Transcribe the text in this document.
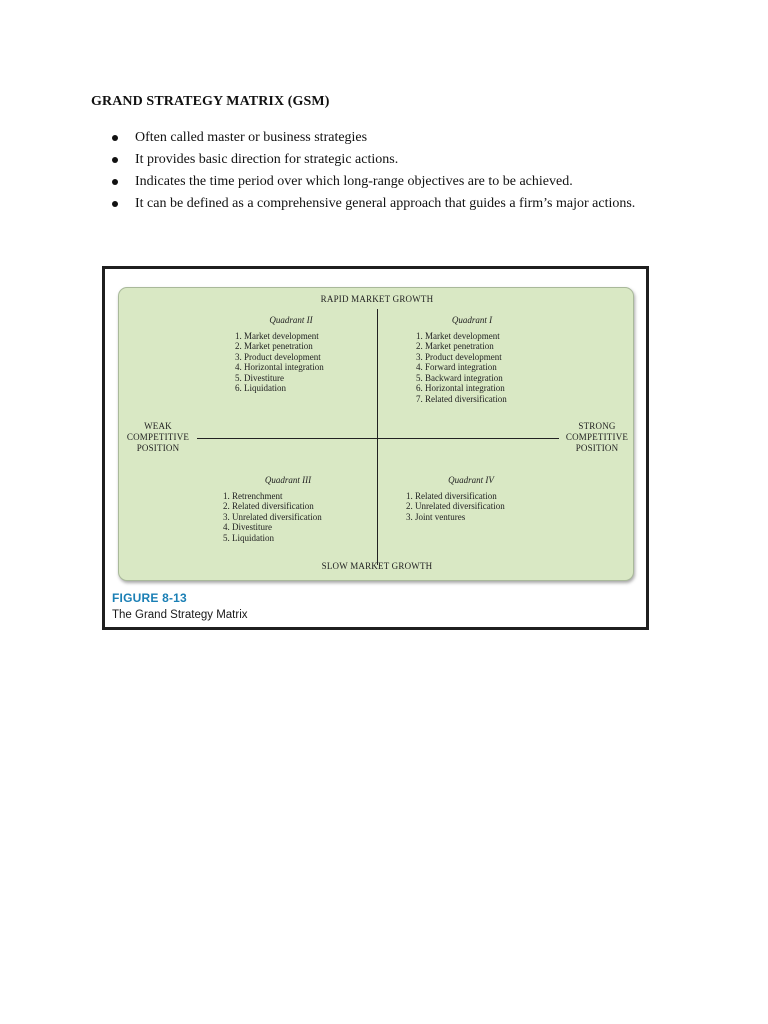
GRAND STRATEGY MATRIX (GSM)
Often called master or business strategies
It provides basic direction for strategic actions.
Indicates the time period over which long-range objectives are to be achieved.
It can be defined as a comprehensive general approach that guides a firm’s major actions.
RAPID MARKET GROWTH
SLOW MARKET GROWTH
WEAK
COMPETITIVE
POSITION
STRONG
COMPETITIVE
POSITION
Quadrant II
1. Market development
2. Market penetration
3. Product development
4. Horizontal integration
5. Divestiture
6. Liquidation
Quadrant I
1. Market development
2. Market penetration
3. Product development
4. Forward integration
5. Backward integration
6. Horizontal integration
7. Related diversification
Quadrant III
1. Retrenchment
2. Related diversification
3. Unrelated diversification
4. Divestiture
5. Liquidation
Quadrant IV
1. Related diversification
2. Unrelated diversification
3. Joint ventures
FIGURE 8-13
The Grand Strategy Matrix
